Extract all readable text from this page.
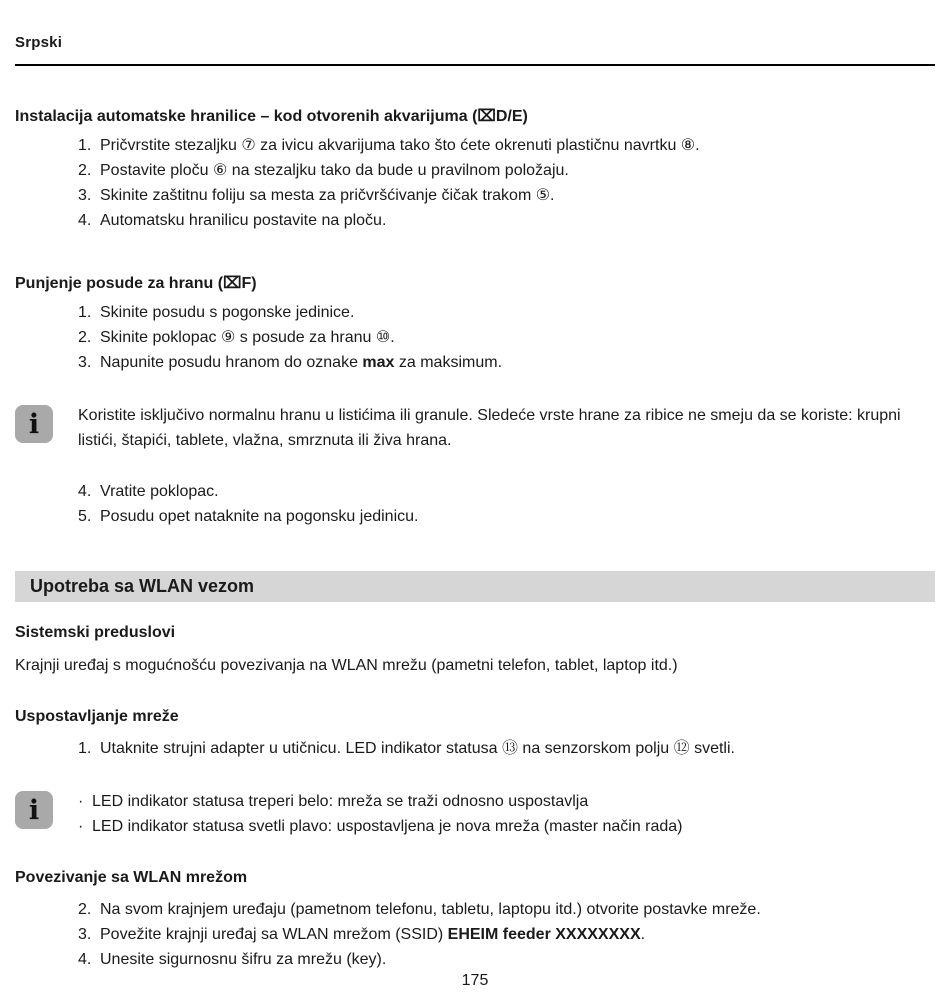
Srpski
Instalacija automatske hranilice – kod otvorenih akvarijuma (⌧D/E)
1. Pričvrstite stezaljku ⑦ za ivicu akvarijuma tako što ćete okrenuti plastičnu navrtku ⑧.
2. Postavite ploču ⑥ na stezaljku tako da bude u pravilnom položaju.
3. Skinite zaštitnu foliju sa mesta za pričvršćivanje čičak trakom ⑤.
4. Automatsku hranilicu postavite na ploču.
Punjenje posude za hranu (⌧F)
1. Skinite posudu s pogonske jedinice.
2. Skinite poklopac ⑨ s posude za hranu ⑩.
3. Napunite posudu hranom do oznake max za maksimum.
i Koristite isključivo normalnu hranu u listićima ili granule. Sledeće vrste hrane za ribice ne smeju da se koriste: krupni listići, štapići, tablete, vlažna, smrznuta ili živa hrana.
4. Vratite poklopac.
5. Posudu opet nataknite na pogonsku jedinicu.
Upotreba sa WLAN vezom
Sistemski preduslovi
Krajnji uređaj s mogućnošću povezivanja na WLAN mrežu (pametni telefon, tablet, laptop itd.)
Uspostavljanje mreže
1. Utaknite strujni adapter u utičnicu. LED indikator statusa ⑬ na senzorskom polju ⑫ svetli.
i · LED indikator statusa treperi belo: mreža se traži odnosno uspostavlja
· LED indikator statusa svetli plavo: uspostavljena je nova mreža (master način rada)
Povezivanje sa WLAN mrežom
2. Na svom krajnjem uređaju (pametnom telefonu, tabletu, laptopu itd.) otvorite postavke mreže.
3. Povežite krajnji uređaj sa WLAN mrežom (SSID) EHEIM feeder XXXXXXXX.
4. Unesite sigurnosnu šifru za mrežu (key).
175
